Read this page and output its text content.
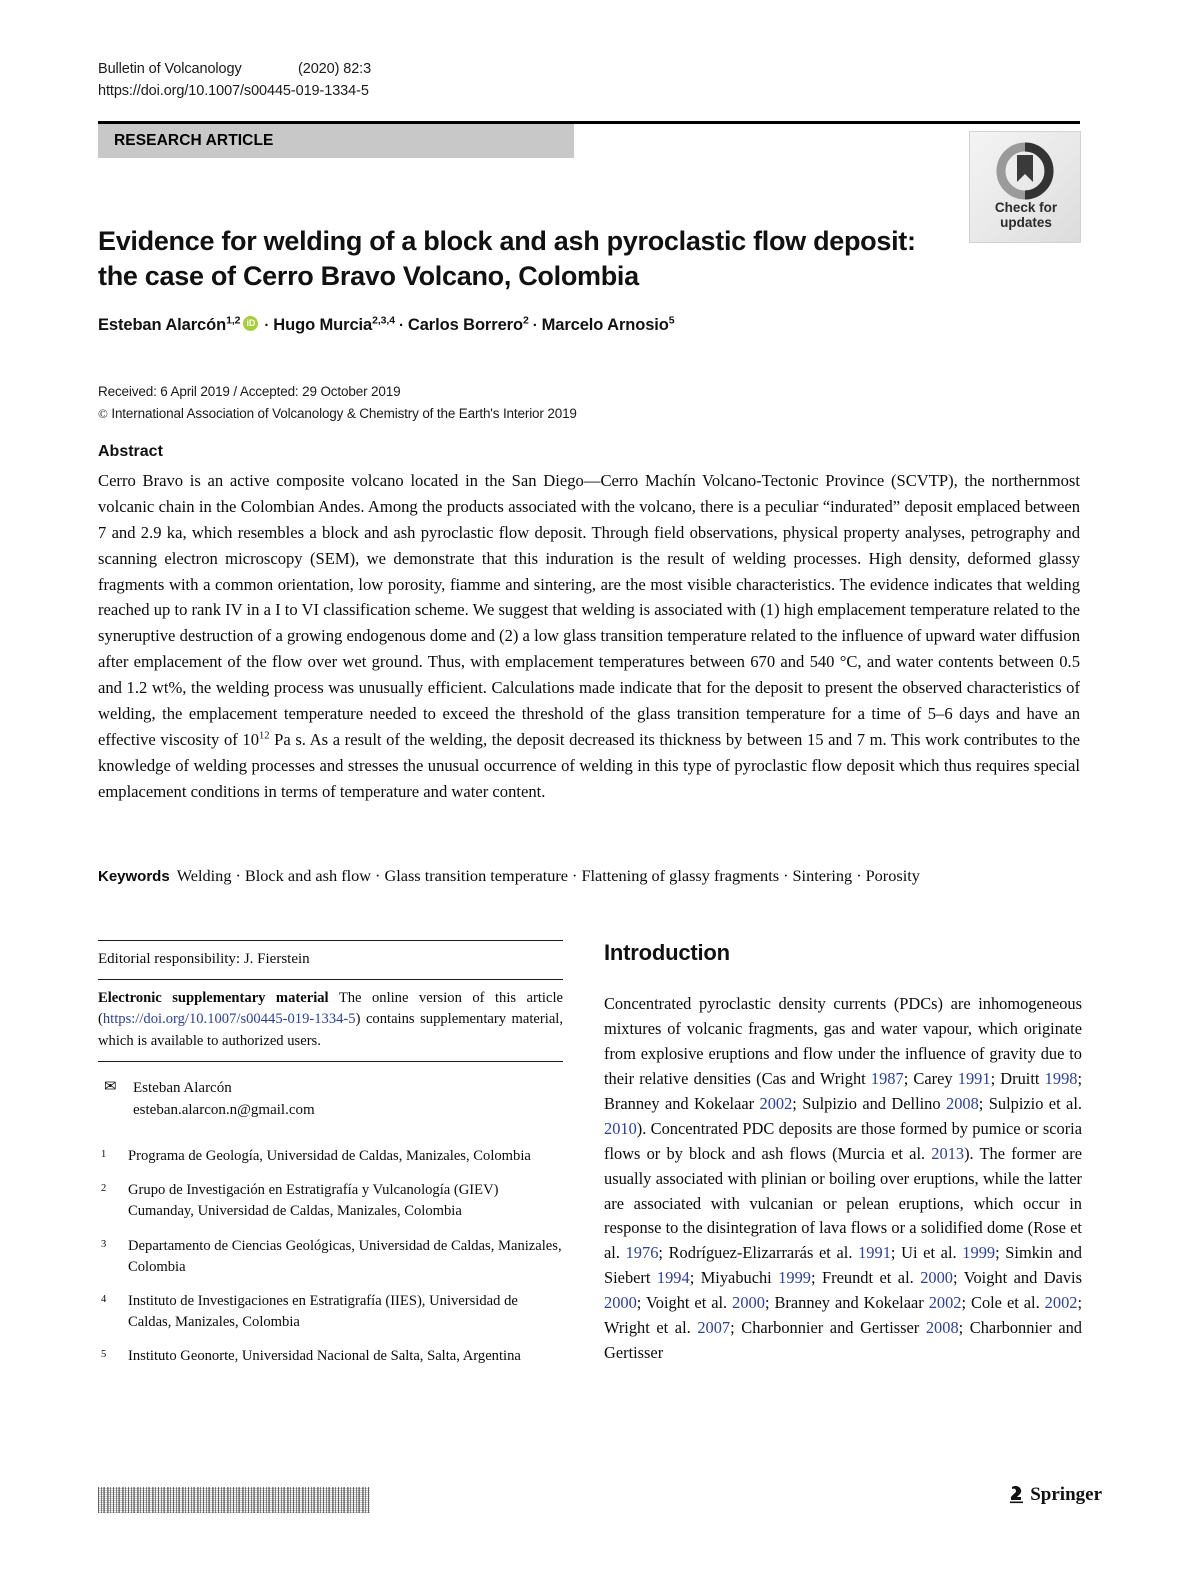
Bulletin of Volcanology	(2020) 82:3
https://doi.org/10.1007/s00445-019-1334-5
RESEARCH ARTICLE
Check for
updates
Evidence for welding of a block and ash pyroclastic flow deposit: the case of Cerro Bravo Volcano, Colombia
Esteban Alarcón$^{1,2}$ iD · Hugo Murcia$^{2,3,4}$ · Carlos Borrero$^2$ · Marcelo Arnosio$^5$
Received: 6 April 2019 / Accepted: 29 October 2019
© International Association of Volcanology & Chemistry of the Earth's Interior 2019
Abstract
Cerro Bravo is an active composite volcano located in the San Diego—Cerro Machín Volcano-Tectonic Province (SCVTP), the northernmost volcanic chain in the Colombian Andes. Among the products associated with the volcano, there is a peculiar “indurated” deposit emplaced between 7 and 2.9 ka, which resembles a block and ash pyroclastic flow deposit. Through field observations, physical property analyses, petrography and scanning electron microscopy (SEM), we demonstrate that this induration is the result of welding processes. High density, deformed glassy fragments with a common orientation, low porosity, fiamme and sintering, are the most visible characteristics. The evidence indicates that welding reached up to rank IV in a I to VI classification scheme. We suggest that welding is associated with (1) high emplacement temperature related to the syneruptive destruction of a growing endogenous dome and (2) a low glass transition temperature related to the influence of upward water diffusion after emplacement of the flow over wet ground. Thus, with emplacement temperatures between 670 and 540 °C, and water contents between 0.5 and 1.2 wt%, the welding process was unusually efficient. Calculations made indicate that for the deposit to present the observed characteristics of welding, the emplacement temperature needed to exceed the threshold of the glass transition temperature for a time of 5–6 days and have an effective viscosity of $10^{12}$ Pa s. As a result of the welding, the deposit decreased its thickness by between 15 and 7 m. This work contributes to the knowledge of welding processes and stresses the unusual occurrence of welding in this type of pyroclastic flow deposit which thus requires special emplacement conditions in terms of temperature and water content.
Keywords Welding · Block and ash flow · Glass transition temperature · Flattening of glassy fragments · Sintering · Porosity
Editorial responsibility: J. Fierstein
Electronic supplementary material The online version of this article (https://doi.org/10.1007/s00445-019-1334-5) contains supplementary material, which is available to authorized users.
✉ Esteban Alarcón
esteban.alarcon.n@gmail.com
1	Programa de Geología, Universidad de Caldas, Manizales, Colombia
2	Grupo de Investigación en Estratigrafía y Vulcanología (GIEV) Cumanday, Universidad de Caldas, Manizales, Colombia
3	Departamento de Ciencias Geológicas, Universidad de Caldas, Manizales, Colombia
4	Instituto de Investigaciones en Estratigrafía (IIES), Universidad de Caldas, Manizales, Colombia
5	Instituto Geonorte, Universidad Nacional de Salta, Salta, Argentina
Introduction
Concentrated pyroclastic density currents (PDCs) are inhomogeneous mixtures of volcanic fragments, gas and water vapour, which originate from explosive eruptions and flow under the influence of gravity due to their relative densities (Cas and Wright 1987; Carey 1991; Druitt 1998; Branney and Kokelaar 2002; Sulpizio and Dellino 2008; Sulpizio et al. 2010). Concentrated PDC deposits are those formed by pumice or scoria flows or by block and ash flows (Murcia et al. 2013). The former are usually associated with plinian or boiling over eruptions, while the latter are associated with vulcanian or pelean eruptions, which occur in response to the disintegration of lava flows or a solidified dome (Rose et al. 1976; Rodríguez-Elizarrarás et al. 1991; Ui et al. 1999; Simkin and Siebert 1994; Miyabuchi 1999; Freundt et al. 2000; Voight and Davis 2000; Voight et al. 2000; Branney and Kokelaar 2002; Cole et al. 2002; Wright et al. 2007; Charbonnier and Gertisser 2008; Charbonnier and Gertisser
Springer
